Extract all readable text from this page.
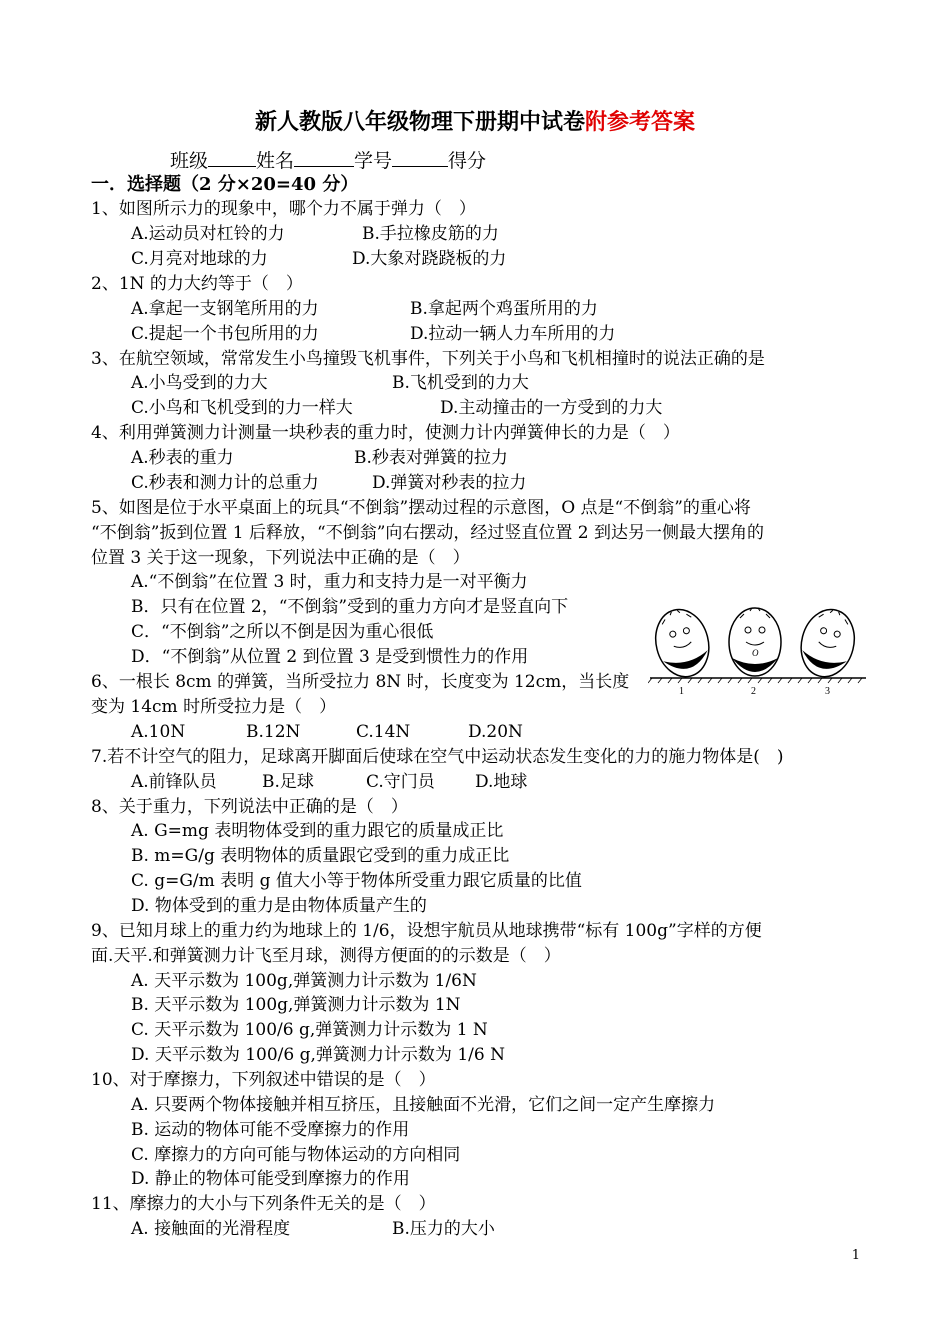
新人教版八年级物理下册期中试卷附参考答案
班级	姓名	学号	得分
一．选择题（2 分×20=40 分）
1、如图所示力的现象中，哪个力不属于弹力（　）
A.运动员对杠铃的力	B.手拉橡皮筋的力
C.月亮对地球的力	D.大象对跷跷板的力
2、1N 的力大约等于（　）
A.拿起一支钢笔所用的力	B.拿起两个鸡蛋所用的力
C.提起一个书包所用的力	D.拉动一辆人力车所用的力
3、在航空领域，常常发生小鸟撞毁飞机事件，下列关于小鸟和飞机相撞时的说法正确的是
A.小鸟受到的力大	B.飞机受到的力大
C.小鸟和飞机受到的力一样大	D.主动撞击的一方受到的力大
4、利用弹簧测力计测量一块秒表的重力时，使测力计内弹簧伸长的力是（　）
A.秒表的重力	B.秒表对弹簧的拉力
C.秒表和测力计的总重力	D.弹簧对秒表的拉力
5、如图是位于水平桌面上的玩具“不倒翁”摆动过程的示意图，O 点是“不倒翁”的重心将
“不倒翁”扳到位置 1 后释放，“不倒翁”向右摆动，经过竖直位置 2 到达另一侧最大摆角的
位置 3 关于这一现象，下列说法中正确的是（　）
A.“不倒翁”在位置 3 时，重力和支持力是一对平衡力
B．只有在位置 2，“不倒翁”受到的重力方向才是竖直向下
C．“不倒翁”之所以不倒是因为重心很低
D．“不倒翁”从位置 2 到位置 3 是受到惯性力的作用	O
1	2	3
6、一根长 8cm 的弹簧，当所受拉力 8N 时，长度变为 12cm，当长度
变为 14cm 时所受拉力是（　）
A.10N	B.12N	C.14N	D.20N
7.若不计空气的阻力，足球离开脚面后使球在空气中运动状态发生变化的力的施力物体是(　)
A.前锋队员	B.足球	C.守门员 D.地球
8、关于重力，下列说法中正确的是（　）
A. G=mg 表明物体受到的重力跟它的质量成正比
B. m=G/g 表明物体的质量跟它受到的重力成正比
C. g=G/m 表明 g 值大小等于物体所受重力跟它质量的比值
D. 物体受到的重力是由物体质量产生的
9、已知月球上的重力约为地球上的 1/6，设想宇航员从地球携带“标有 100g”字样的方便
面.天平.和弹簧测力计飞至月球，测得方便面的的示数是（　）
A. 天平示数为 100g,弹簧测力计示数为 1/6N
B. 天平示数为 100g,弹簧测力计示数为 1N
C. 天平示数为 100/6 g,弹簧测力计示数为 1 N
D. 天平示数为 100/6 g,弹簧测力计示数为 1/6 N
10、对于摩擦力，下列叙述中错误的是（　）
A. 只要两个物体接触并相互挤压，且接触面不光滑，它们之间一定产生摩擦力
B. 运动的物体可能不受摩擦力的作用
C. 摩擦力的方向可能与物体运动的方向相同
D. 静止的物体可能受到摩擦力的作用
11、摩擦力的大小与下列条件无关的是（　）
A. 接触面的光滑程度	B.压力的大小
1
